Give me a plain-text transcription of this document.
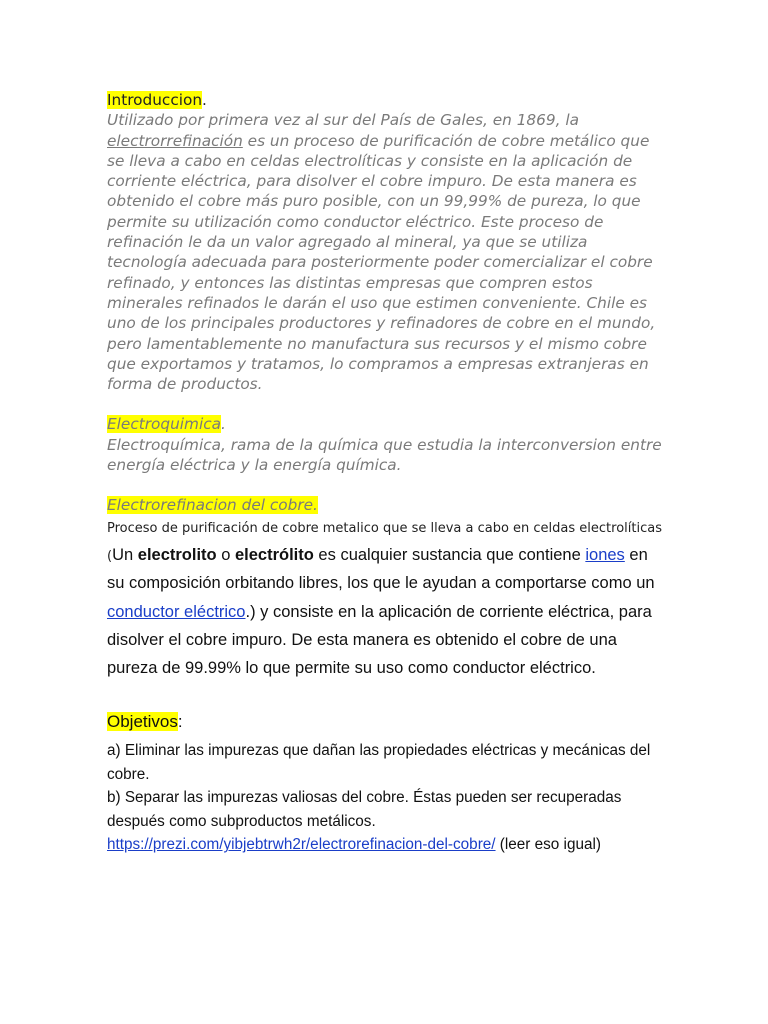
Introduccion.
Utilizado por primera vez al sur del País de Gales, en 1869, la electrorrefinación es un proceso de purificación de cobre metálico que se lleva a cabo en celdas electrolíticas y consiste en la aplicación de corriente eléctrica, para disolver el cobre impuro. De esta manera es obtenido el cobre más puro posible, con un 99,99% de pureza, lo que permite su utilización como conductor eléctrico. Este proceso de refinación le da un valor agregado al mineral, ya que se utiliza tecnología adecuada para posteriormente poder comercializar el cobre refinado, y entonces las distintas empresas que compren estos minerales refinados le darán el uso que estimen conveniente. Chile es uno de los principales productores y refinadores de cobre en el mundo, pero lamentablemente no manufactura sus recursos y el mismo cobre que exportamos y tratamos, lo compramos a empresas extranjeras en forma de productos.
Electroquimica.
Electroquímica, rama de la química que estudia la interconversion entre energía eléctrica y la energía química.
Electrorefinacion del cobre.
Proceso de purificación de cobre metalico que se lleva a cabo en celdas electrolíticas (Un electrolito o electrólito es cualquier sustancia que contiene iones en su composición orbitando libres, los que le ayudan a comportarse como un conductor eléctrico.) y consiste en la aplicación de corriente eléctrica, para disolver el cobre impuro. De esta manera es obtenido el cobre de una pureza de 99.99% lo que permite su uso como conductor eléctrico.
Objetivos:
a) Eliminar las impurezas que dañan las propiedades eléctricas y mecánicas del cobre.
b) Separar las impurezas valiosas del cobre. Éstas pueden ser recuperadas después como subproductos metálicos.
https://prezi.com/yibjebtrwh2r/electrorefinacion-del-cobre/ (leer eso igual)
